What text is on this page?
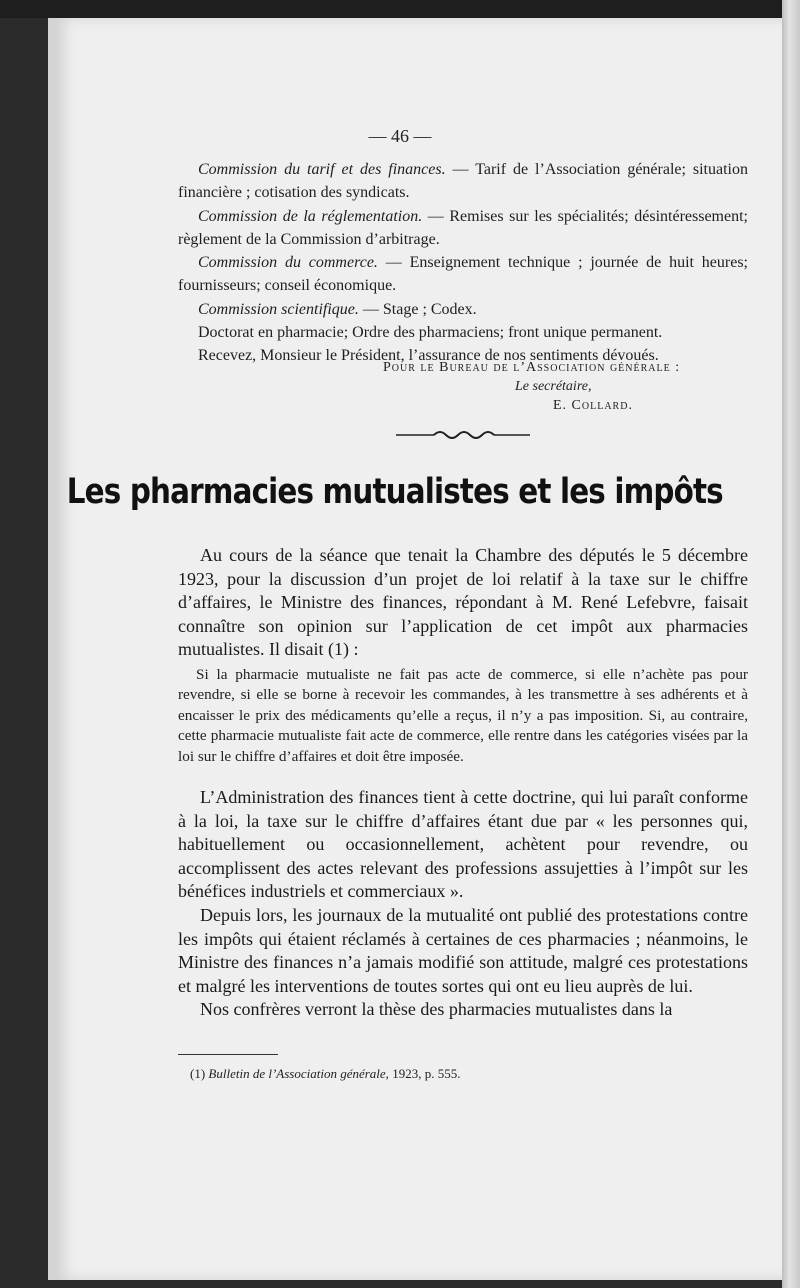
— 46 —

Commission du tarif et des finances. — Tarif de l’Association générale; situation financière ; cotisation des syndicats.

Commission de la réglementation. — Remises sur les spécialités; désintéressement; règlement de la Commission d’arbitrage.

Commission du commerce. — Enseignement technique ; journée de huit heures; fournisseurs; conseil économique.

Commission scientifique. — Stage ; Codex.

Doctorat en pharmacie; Ordre des pharmaciens; front unique permanent.

Recevez, Monsieur le Président, l’assurance de nos sentiments dévoués.

Pour le Bureau de l’Association générale :
Le secrétaire,
E. Collard.
Les pharmacies mutualistes et les impôts

Au cours de la séance que tenait la Chambre des députés le 5 décembre 1923, pour la discussion d’un projet de loi relatif à la taxe sur le chiffre d’affaires, le Ministre des finances, répondant à M. René Lefebvre, faisait connaître son opinion sur l’application de cet impôt aux pharmacies mutualistes. Il disait (1) :

Si la pharmacie mutualiste ne fait pas acte de commerce, si elle n’achète pas pour revendre, si elle se borne à recevoir les commandes, à les transmettre à ses adhérents et à encaisser le prix des médicaments qu’elle a reçus, il n’y a pas imposition. Si, au contraire, cette pharmacie mutualiste fait acte de commerce, elle rentre dans les catégories visées par la loi sur le chiffre d’affaires et doit être imposée.

L’Administration des finances tient à cette doctrine, qui lui paraît conforme à la loi, la taxe sur le chiffre d’affaires étant due par « les personnes qui, habituellement ou occasionnellement, achètent pour revendre, ou accomplissent des actes relevant des professions assujetties à l’impôt sur les bénéfices industriels et commerciaux ».

Depuis lors, les journaux de la mutualité ont publié des protestations contre les impôts qui étaient réclamés à certaines de ces pharmacies ; néanmoins, le Ministre des finances n’a jamais modifié son attitude, malgré ces protestations et malgré les interventions de toutes sortes qui ont eu lieu auprès de lui.

Nos confrères verront la thèse des pharmacies mutualistes dans la

(1) Bulletin de l’Association générale, 1923, p. 555.
